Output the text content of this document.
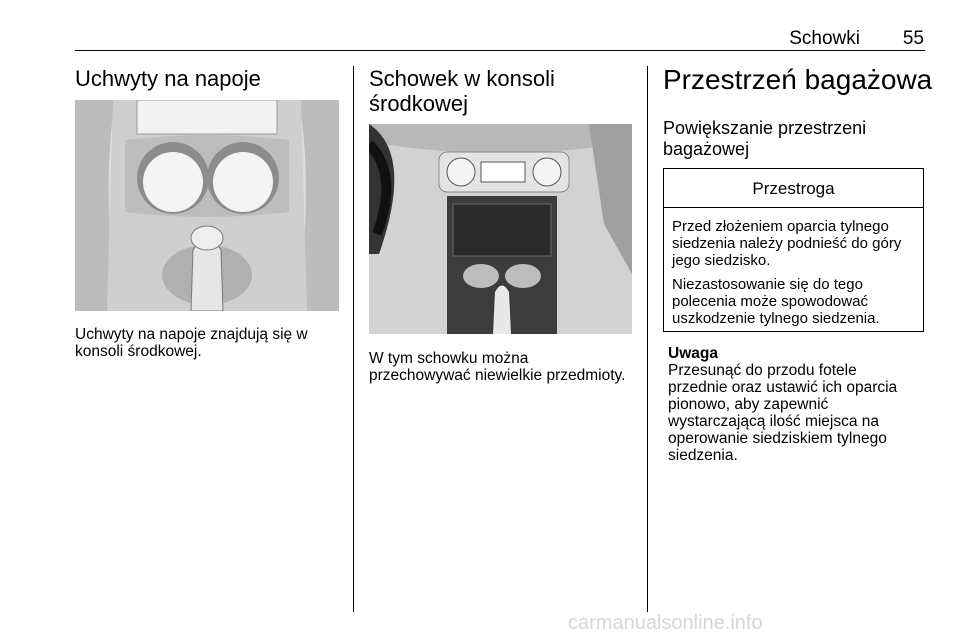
Schowki 55
Uchwyty na napoje

Uchwyty na napoje znajdują się w konsoli środkowej.

Schowek w konsoli środkowej

W tym schowku można przechowywać niewielkie przedmioty.

Przestrzeń bagażowa
Powiększanie przestrzeni bagażowej
Przestroga

Przed złożeniem oparcia tylnego siedzenia należy podnieść do góry jego siedzisko.

Niezastosowanie się do tego polecenia może spowodować uszkodzenie tylnego siedzenia.

Uwaga
Przesunąć do przodu fotele przednie oraz ustawić ich oparcia pionowo, aby zapewnić wystarczającą ilość miejsca na operowanie siedziskiem tylnego siedzenia.
carmanualsonline.info
